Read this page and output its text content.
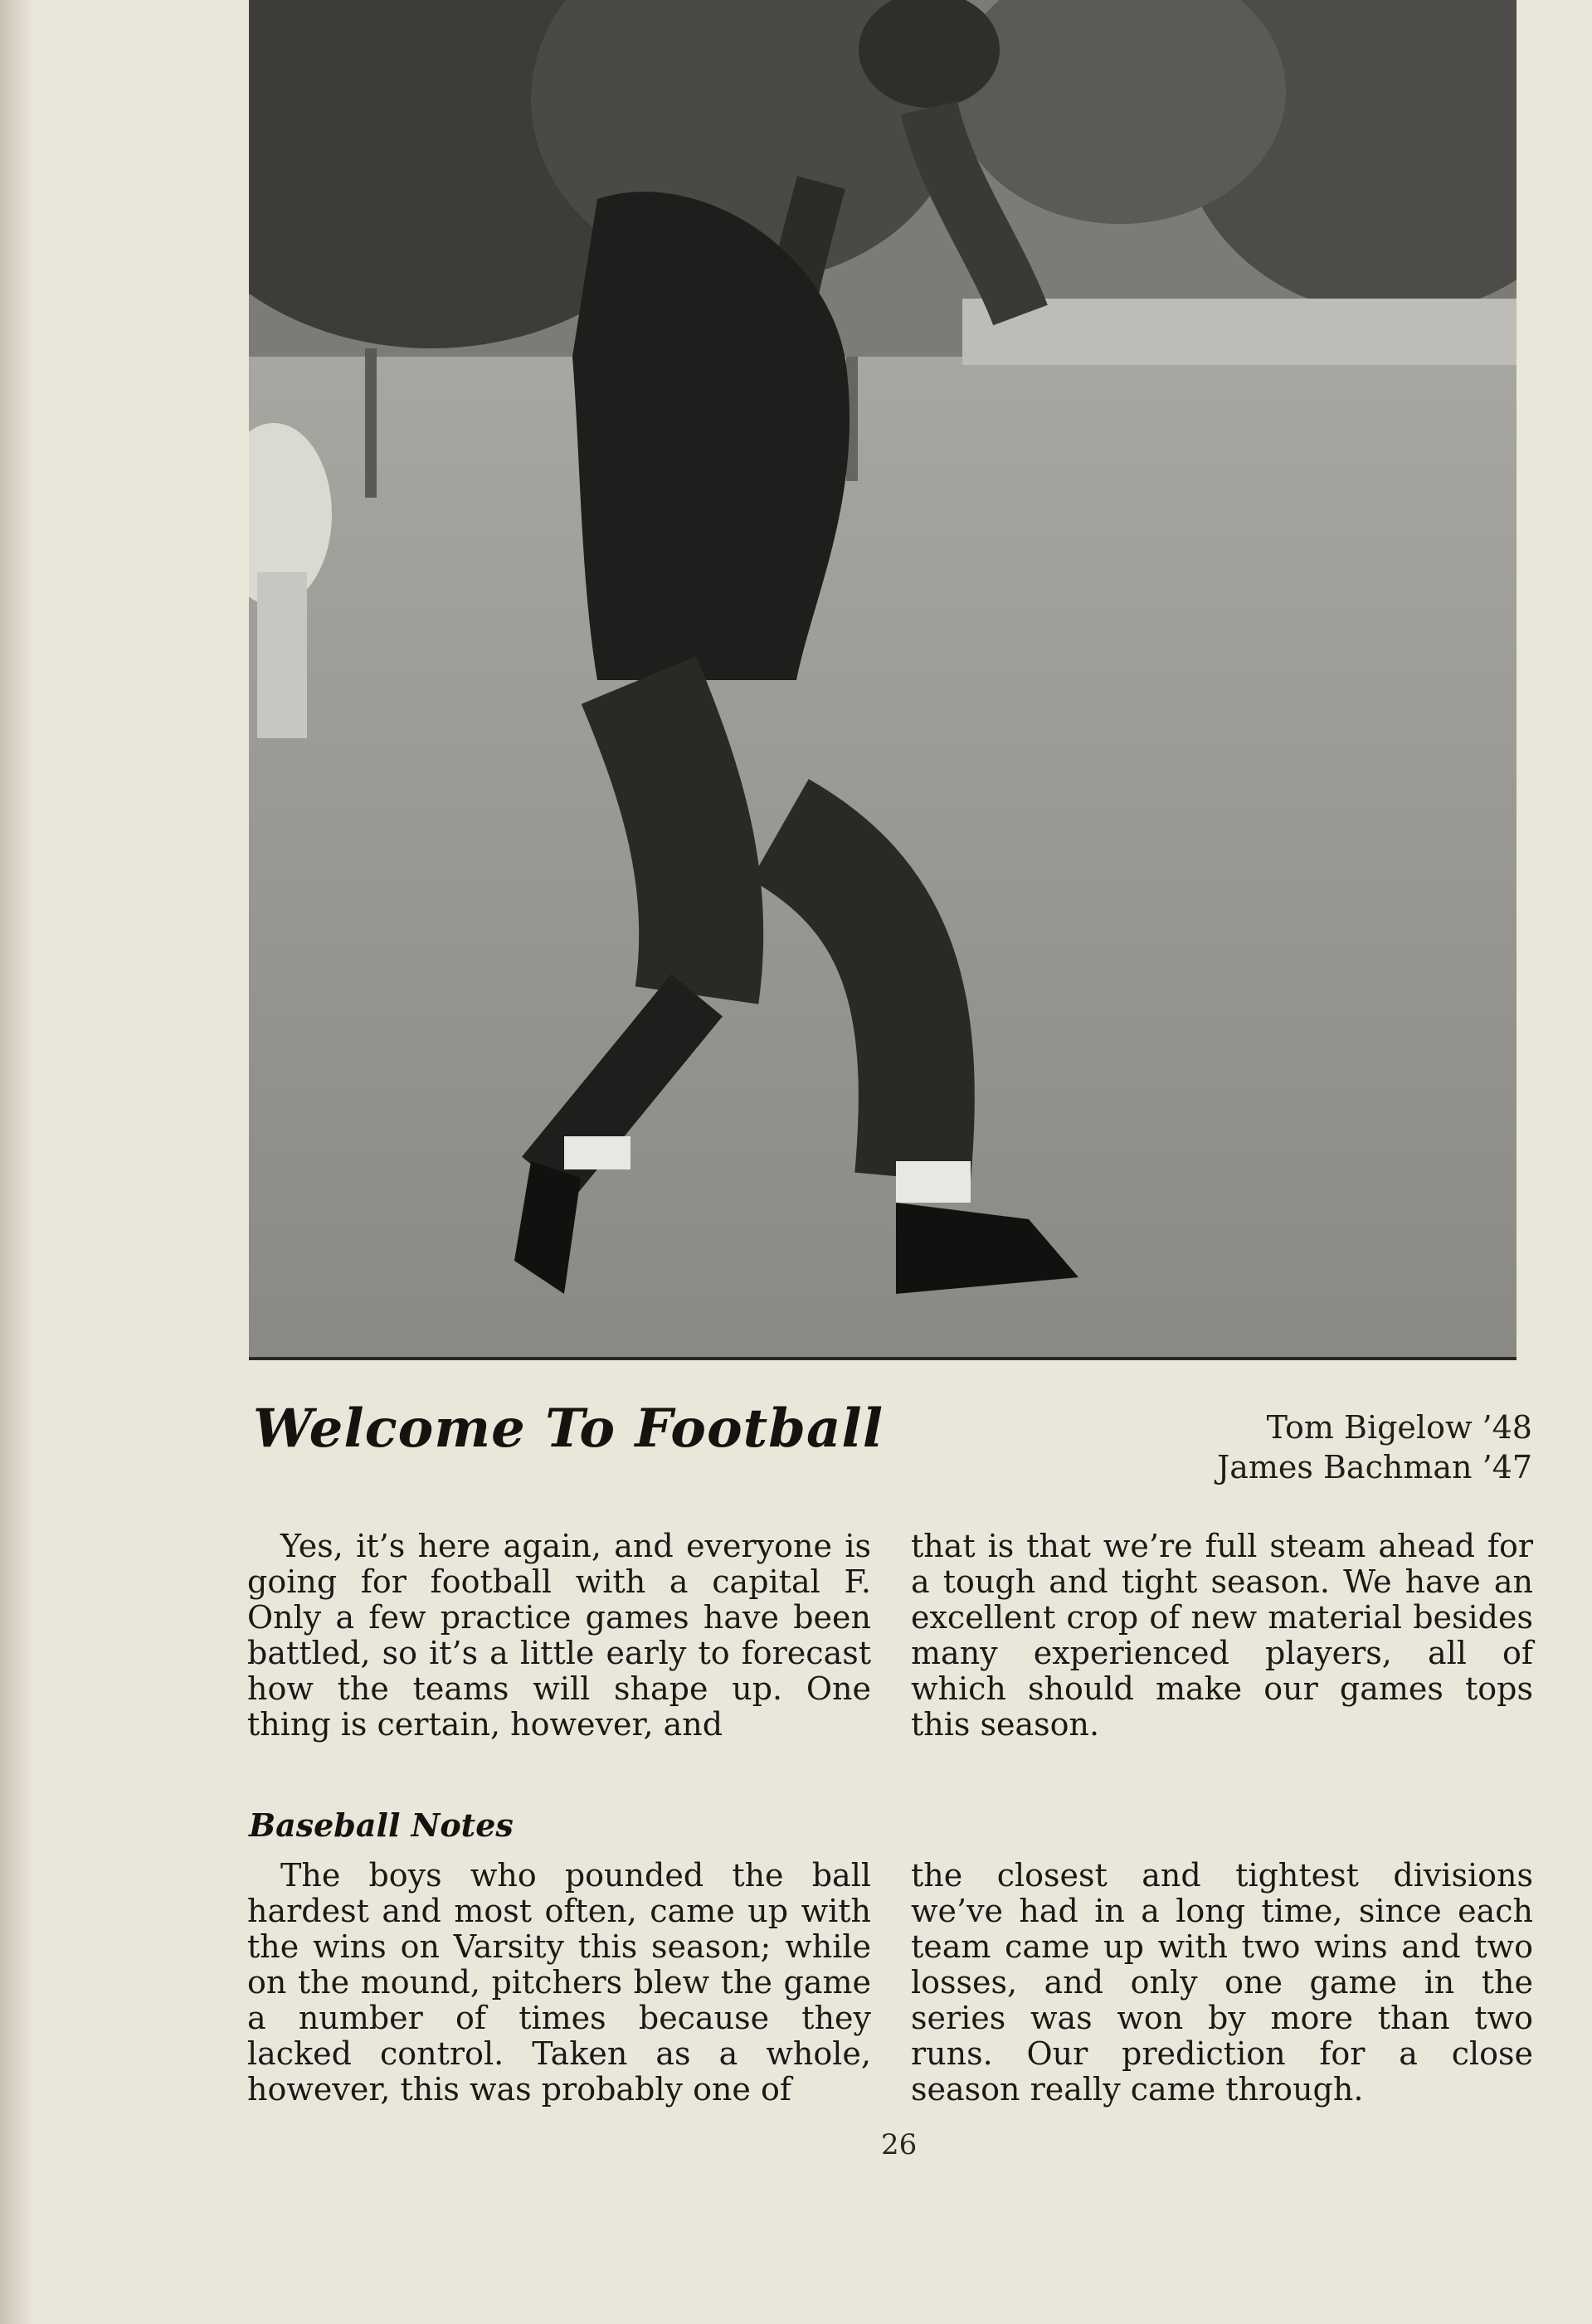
Welcome To Football	Tom Bigelow ’48
James Bachman ’47

Yes, it’s here again, and everyone is going for football with a capital F. Only a few practice games have been battled, so it’s a little early to forecast how the teams will shape up. One thing is certain, however, and

that is that we’re full steam ahead for a tough and tight season. We have an excellent crop of new material besides many experienced players, all of which should make our games tops this season.

Baseball Notes

The boys who pounded the ball hardest and most often, came up with the wins on Varsity this season; while on the mound, pitchers blew the game a number of times because they lacked control. Taken as a whole, however, this was probably one of

the closest and tightest divisions we’ve had in a long time, since each team came up with two wins and two losses, and only one game in the series was won by more than two runs. Our prediction for a close season really came through.

26
